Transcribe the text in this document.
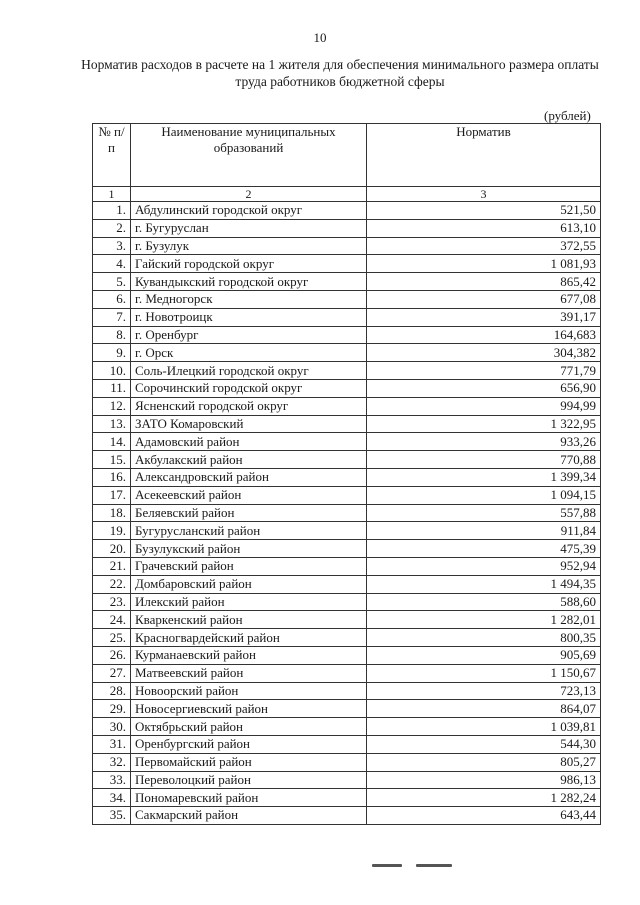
10
Норматив расходов в расчете на 1 жителя для обеспечения минимального размера оплаты труда работников бюджетной сферы
(рублей)
№ п/п	Наименование муниципальных образований	Норматив
1	2	3
1.	Абдулинский городской округ	521,50
2.	г. Бугуруслан	613,10
3.	г. Бузулук	372,55
4.	Гайский городской округ	1 081,93
5.	Кувандыкский городской округ	865,42
6.	г. Медногорск	677,08
7.	г. Новотроицк	391,17
8.	г. Оренбург	164,683
9.	г. Орск	304,382
10.	Соль-Илецкий городской округ	771,79
11.	Сорочинский городской округ	656,90
12.	Ясненский городской округ	994,99
13.	ЗАТО Комаровский	1 322,95
14.	Адамовский район	933,26
15.	Акбулакский район	770,88
16.	Александровский район	1 399,34
17.	Асекеевский район	1 094,15
18.	Беляевский район	557,88
19.	Бугурусланский район	911,84
20.	Бузулукский район	475,39
21.	Грачевский район	952,94
22.	Домбаровский район	1 494,35
23.	Илекский район	588,60
24.	Кваркенский район	1 282,01
25.	Красногвардейский район	800,35
26.	Курманаевский район	905,69
27.	Матвеевский район	1 150,67
28.	Новоорский район	723,13
29.	Новосергиевский район	864,07
30.	Октябрьский район	1 039,81
31.	Оренбургский район	544,30
32.	Первомайский район	805,27
33.	Переволоцкий район	986,13
34.	Пономаревский район	1 282,24
35.	Сакмарский район	643,44
